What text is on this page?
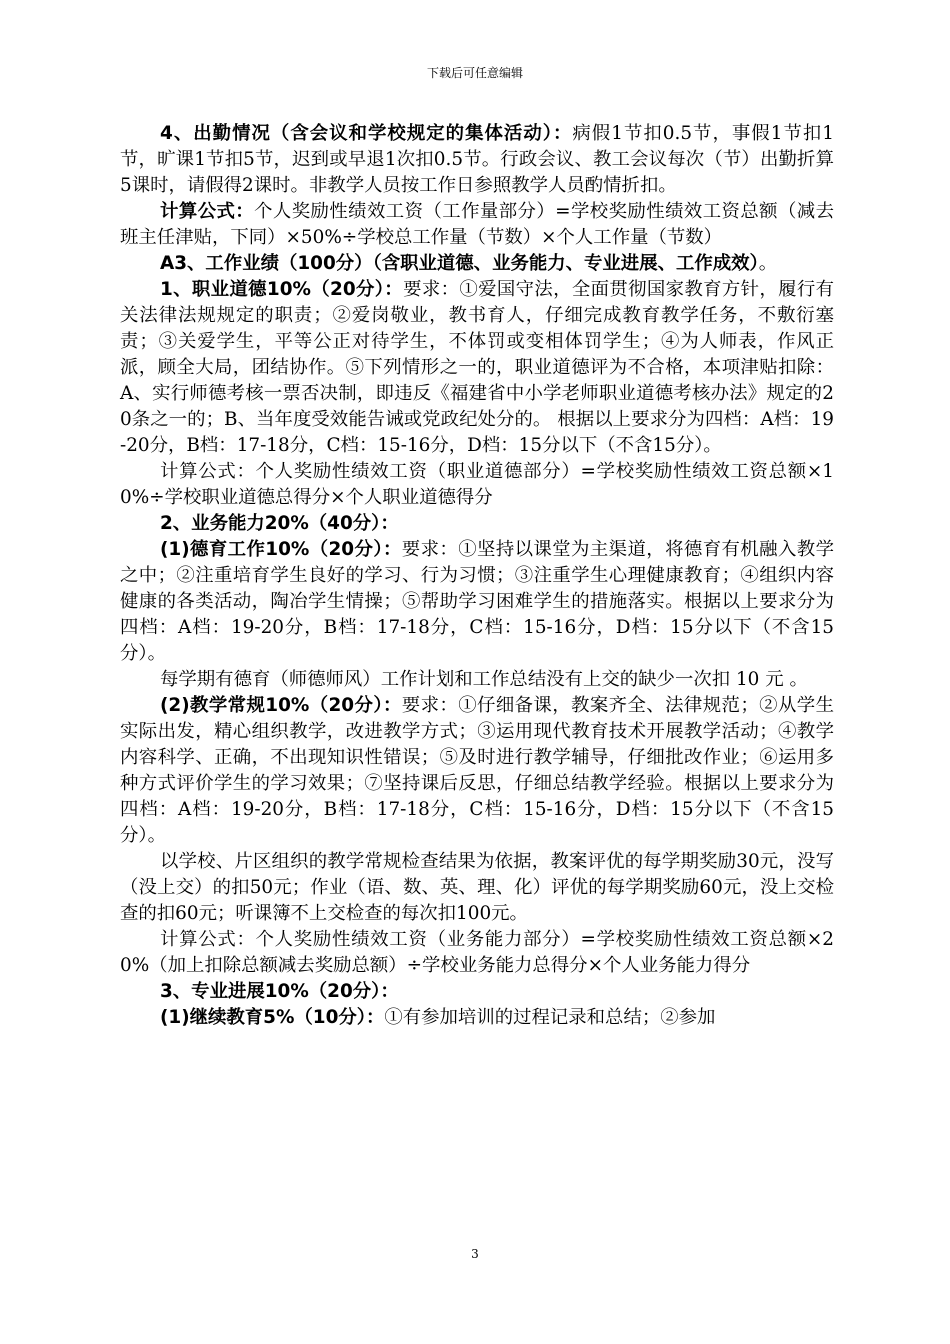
下载后可任意编辑

4、出勤情况（含会议和学校规定的集体活动）：病假1节扣0.5节，事假1节扣1节，旷课1节扣5节，迟到或早退1次扣0.5节。行政会议、教工会议每次（节）出勤折算5课时，请假得2课时。非教学人员按工作日参照教学人员酌情折扣。

计算公式：个人奖励性绩效工资（工作量部分）=学校奖励性绩效工资总额（减去班主任津贴，下同）×50%÷学校总工作量（节数）×个人工作量（节数）

A3、工作业绩（100分）（含职业道德、业务能力、专业进展、工作成效）。

1、职业道德10%（20分）：要求：①爱国守法，全面贯彻国家教育方针，履行有关法律法规规定的职责；②爱岗敬业，教书育人，仔细完成教育教学任务，不敷衍塞责；③关爱学生，平等公正对待学生，不体罚或变相体罚学生；④为人师表，作风正派，顾全大局，团结协作。⑤下列情形之一的，职业道德评为不合格，本项津贴扣除：A、实行师德考核一票否决制，即违反《福建省中小学老师职业道德考核办法》规定的20条之一的；B、当年度受效能告诫或党政纪处分的。 根据以上要求分为四档：A档：19-20分，B档：17-18分，C档：15-16分，D档：15分以下（不含15分）。

计算公式：个人奖励性绩效工资（职业道德部分）=学校奖励性绩效工资总额×10%÷学校职业道德总得分×个人职业道德得分

2、业务能力20%（40分）：

(1)德育工作10%（20分）：要求：①坚持以课堂为主渠道，将德育有机融入教学之中；②注重培育学生良好的学习、行为习惯；③注重学生心理健康教育；④组织内容健康的各类活动，陶冶学生情操；⑤帮助学习困难学生的措施落实。根据以上要求分为四档：A档：19-20分，B档：17-18分，C档：15-16分，D档：15分以下（不含15分）。

每学期有德育（师德师风）工作计划和工作总结没有上交的缺少一次扣 10 元 。

(2)教学常规10%（20分）：要求：①仔细备课，教案齐全、法律规范；②从学生实际出发，精心组织教学，改进教学方式；③运用现代教育技术开展教学活动；④教学内容科学、正确，不出现知识性错误；⑤及时进行教学辅导，仔细批改作业；⑥运用多种方式评价学生的学习效果；⑦坚持课后反思，仔细总结教学经验。根据以上要求分为四档：A档：19-20分，B档：17-18分，C档：15-16分，D档：15分以下（不含15分）。

以学校、片区组织的教学常规检查结果为依据，教案评优的每学期奖励30元，没写（没上交）的扣50元；作业（语、数、英、理、化）评优的每学期奖励60元，没上交检查的扣60元；听课簿不上交检查的每次扣100元。

计算公式：个人奖励性绩效工资（业务能力部分）=学校奖励性绩效工资总额×20%（加上扣除总额减去奖励总额）÷学校业务能力总得分×个人业务能力得分

3、专业进展10%（20分）：

(1)继续教育5%（10分）：①有参加培训的过程记录和总结；②参加

3
